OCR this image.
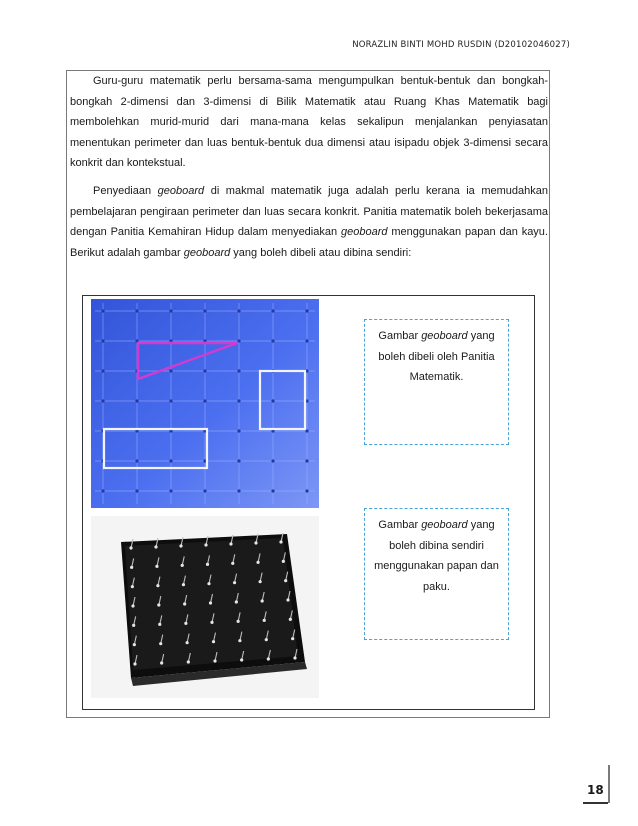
NORAZLIN BINTI MOHD RUSDIN (D20102046027)
Guru-guru matematik perlu bersama-sama mengumpulkan bentuk-bentuk dan bongkah-bongkah 2-dimensi dan 3-dimensi di Bilik Matematik atau Ruang Khas Matematik bagi membolehkan murid-murid dari mana-mana kelas sekalipun menjalankan penyiasatan menentukan perimeter dan luas bentuk-bentuk dua dimensi atau isipadu objek 3-dimensi secara konkrit dan kontekstual.
Penyediaan geoboard di makmal matematik juga adalah perlu kerana ia memudahkan pembelajaran pengiraan perimeter dan luas secara konkrit. Panitia matematik boleh bekerjasama dengan Panitia Kemahiran Hidup dalam menyediakan geoboard menggunakan papan dan kayu. Berikut adalah gambar geoboard yang boleh dibeli atau dibina sendiri:
Gambar geoboard yang boleh dibeli oleh Panitia Matematik.
Gambar geoboard yang boleh dibina sendiri menggunakan papan dan paku.
18
